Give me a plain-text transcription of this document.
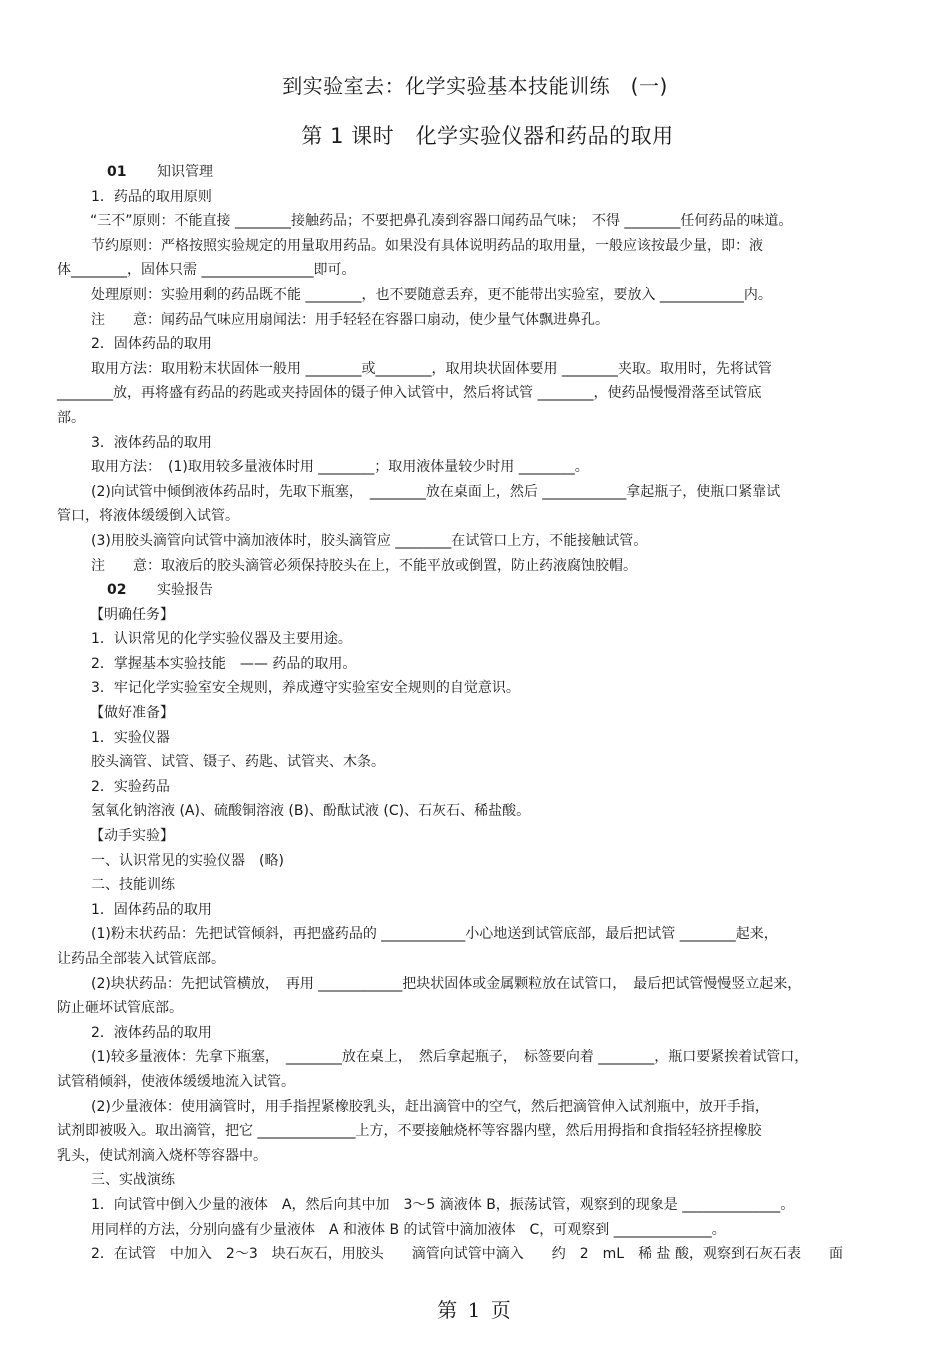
到实验室去：化学实验基本技能训练　(一)
第 1 课时　化学实验仪器和药品的取用

01 知识管理

1．药品的取用原则

“三不”原则：不能直接 ________接触药品；不要把鼻孔凑到容器口闻药品气味；　不得 ________任何药品的味道。

节约原则：严格按照实验规定的用量取用药品。如果没有具体说明药品的取用量，一般应该按最少量，即：液

体________，固体只需 ________________即可。

处理原则：实验用剩的药品既不能 ________，也不要随意丢弃，更不能带出实验室，要放入 ____________内。

注　　意：闻药品气味应用扇闻法：用手轻轻在容器口扇动，使少量气体飘进鼻孔。

2．固体药品的取用

取用方法：取用粉末状固体一般用 ________或________，取用块状固体要用 ________夹取。取用时，先将试管

________放，再将盛有药品的药匙或夹持固体的镊子伸入试管中，然后将试管 ________，使药品慢慢滑落至试管底

部。

3．液体药品的取用

取用方法：　(1)取用较多量液体时用 ________；取用液体量较少时用 ________。

(2)向试管中倾倒液体药品时，先取下瓶塞，　________放在桌面上，然后 ____________拿起瓶子，使瓶口紧靠试

管口，将液体缓缓倒入试管。

(3)用胶头滴管向试管中滴加液体时，胶头滴管应 ________在试管口上方，不能接触试管。

注　　意：取液后的胶头滴管必须保持胶头在上，不能平放或倒置，防止药液腐蚀胶帽。

02 实验报告

【明确任务】

1．认识常见的化学实验仪器及主要用途。

2．掌握基本实验技能　—— 药品的取用。

3．牢记化学实验室安全规则，养成遵守实验室安全规则的自觉意识。

【做好准备】

1．实验仪器

胶头滴管、试管、镊子、药匙、试管夹、木条。

2．实验药品

氢氧化钠溶液 (A)、硫酸铜溶液 (B)、酚酞试液 (C)、石灰石、稀盐酸。

【动手实验】

一、认识常见的实验仪器　(略)

二、技能训练

1．固体药品的取用

(1)粉末状药品：先把试管倾斜，再把盛药品的 ____________小心地送到试管底部，最后把试管 ________起来，

让药品全部装入试管底部。

(2)块状药品：先把试管横放，　再用 ____________把块状固体或金属颗粒放在试管口，　最后把试管慢慢竖立起来，

防止砸坏试管底部。

2．液体药品的取用

(1)较多量液体：先拿下瓶塞，　________放在桌上，　然后拿起瓶子，　标签要向着 ________，瓶口要紧挨着试管口，

试管稍倾斜，使液体缓缓地流入试管。

(2)少量液体：使用滴管时，用手指捏紧橡胶乳头，赶出滴管中的空气，然后把滴管伸入试剂瓶中，放开手指，

试剂即被吸入。取出滴管，把它 ______________上方，不要接触烧杯等容器内壁，然后用拇指和食指轻轻挤捏橡胶

乳头，使试剂滴入烧杯等容器中。

三、实战演练

1．向试管中倒入少量的液体　A，然后向其中加　3～5 滴液体 B，振荡试管，观察到的现象是 ______________。

用同样的方法，分别向盛有少量液体　A 和液体 B 的试管中滴加液体　C，可观察到 ______________。

2．在试管　中加入　2～3　块石灰石，用胶头　　滴管向试管中滴入　　约　2　mL　稀 盐 酸，观察到石灰石表　　面

第 1 页
